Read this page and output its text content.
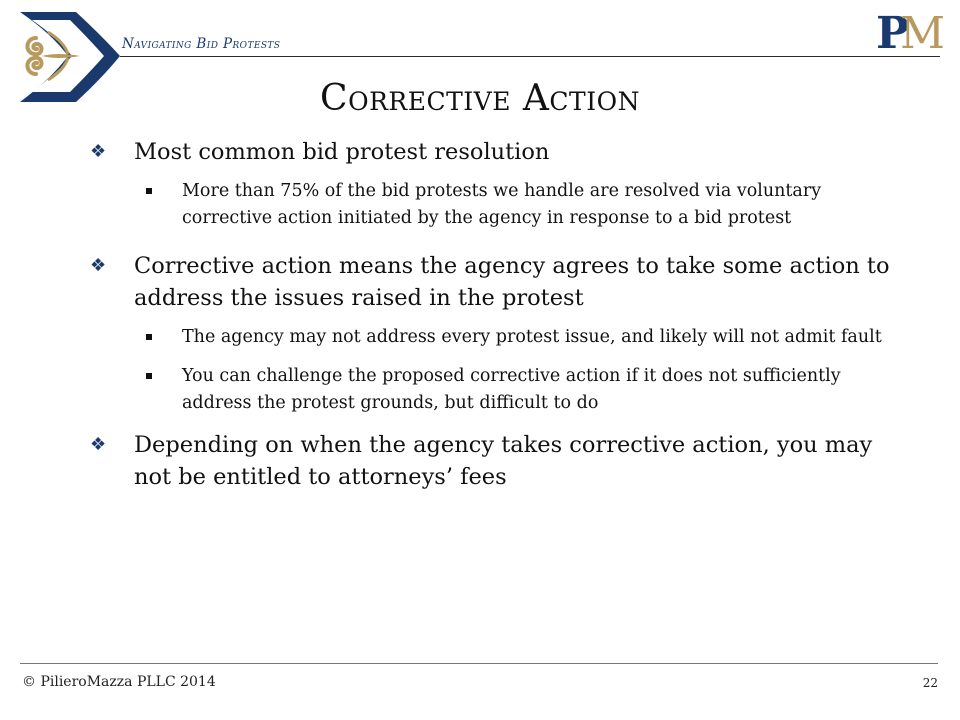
Navigating Bid Protests	P
M
Corrective Action
❖ Most common bid protest resolution
More than 75% of the bid protests we handle are resolved via voluntary corrective action initiated by the agency in response to a bid protest
❖ Corrective action means the agency agrees to take some action to address the issues raised in the protest
The agency may not address every protest issue, and likely will not admit fault
You can challenge the proposed corrective action if it does not sufficiently address the protest grounds, but difficult to do
❖ Depending on when the agency takes corrective action, you may not be entitled to attorneys’ fees
© PilieroMazza PLLC 2014	22
